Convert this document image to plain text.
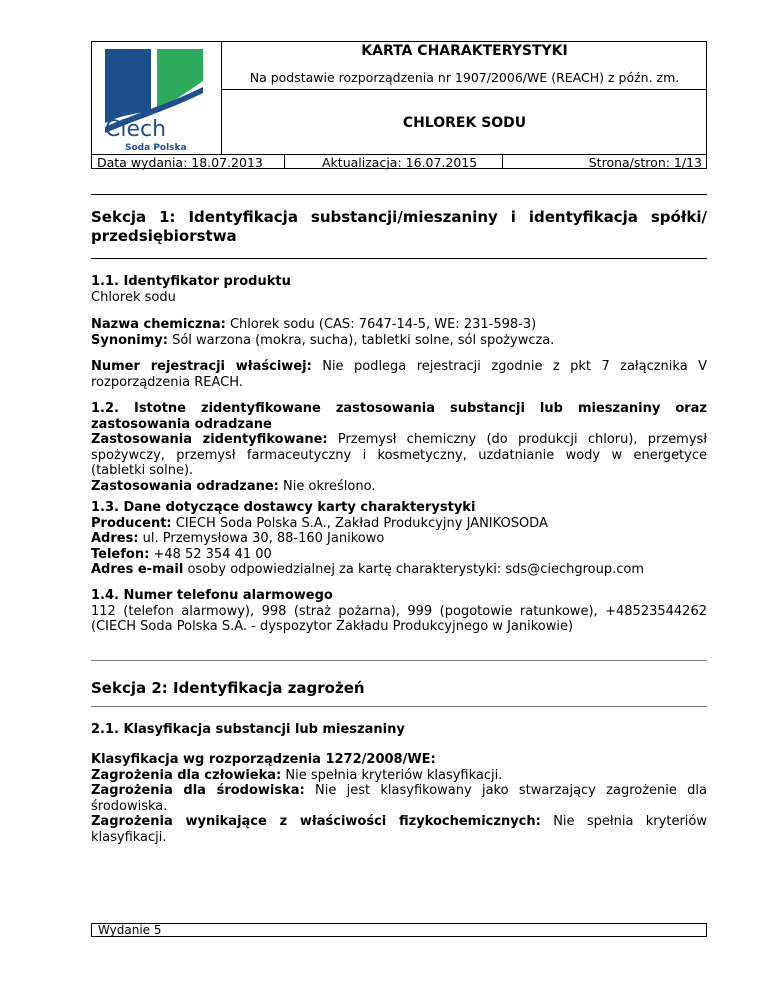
Ciech
Soda Polska
KARTA CHARAKTERYSTYKI
Na podstawie rozporządzenia nr 1907/2006/WE (REACH) z późn. zm.
CHLOREK SODU
Data wydania: 18.07.2013	Aktualizacja: 16.07.2015	Strona/stron: 1/13
Sekcja 1: Identyfikacja substancji/mieszaniny i identyfikacja spółki/
przedsiębiorstwa
1.1. Identyfikator produktu
Chlorek sodu
Nazwa chemiczna: Chlorek sodu (CAS: 7647-14-5, WE: 231-598-3)
Synonimy: Sól warzona (mokra, sucha), tabletki solne, sól spożywcza.
Numer rejestracji właściwej: Nie podlega rejestracji zgodnie z pkt 7 załącznika V rozporządzenia REACH.
1.2. Istotne zidentyfikowane zastosowania substancji lub mieszaniny oraz zastosowania odradzane
Zastosowania zidentyfikowane: Przemysł chemiczny (do produkcji chloru), przemysł spożywczy, przemysł farmaceutyczny i kosmetyczny, uzdatnianie wody w energetyce (tabletki solne).
Zastosowania odradzane: Nie określono.
1.3. Dane dotyczące dostawcy karty charakterystyki
Producent: CIECH Soda Polska S.A., Zakład Produkcyjny JANIKOSODA
Adres: ul. Przemysłowa 30, 88-160 Janikowo
Telefon: +48 52 354 41 00
Adres e-mail osoby odpowiedzialnej za kartę charakterystyki: sds@ciechgroup.com
1.4. Numer telefonu alarmowego
112 (telefon alarmowy), 998 (straż pożarna), 999 (pogotowie ratunkowe), +48523544262 (CIECH Soda Polska S.A. - dyspozytor Zakładu Produkcyjnego w Janikowie)
Sekcja 2: Identyfikacja zagrożeń
2.1. Klasyfikacja substancji lub mieszaniny
Klasyfikacja wg rozporządzenia 1272/2008/WE:
Zagrożenia dla człowieka: Nie spełnia kryteriów klasyfikacji.
Zagrożenia dla środowiska: Nie jest klasyfikowany jako stwarzający zagrożenie dla środowiska.
Zagrożenia wynikające z właściwości fizykochemicznych: Nie spełnia kryteriów klasyfikacji.
Wydanie 5
